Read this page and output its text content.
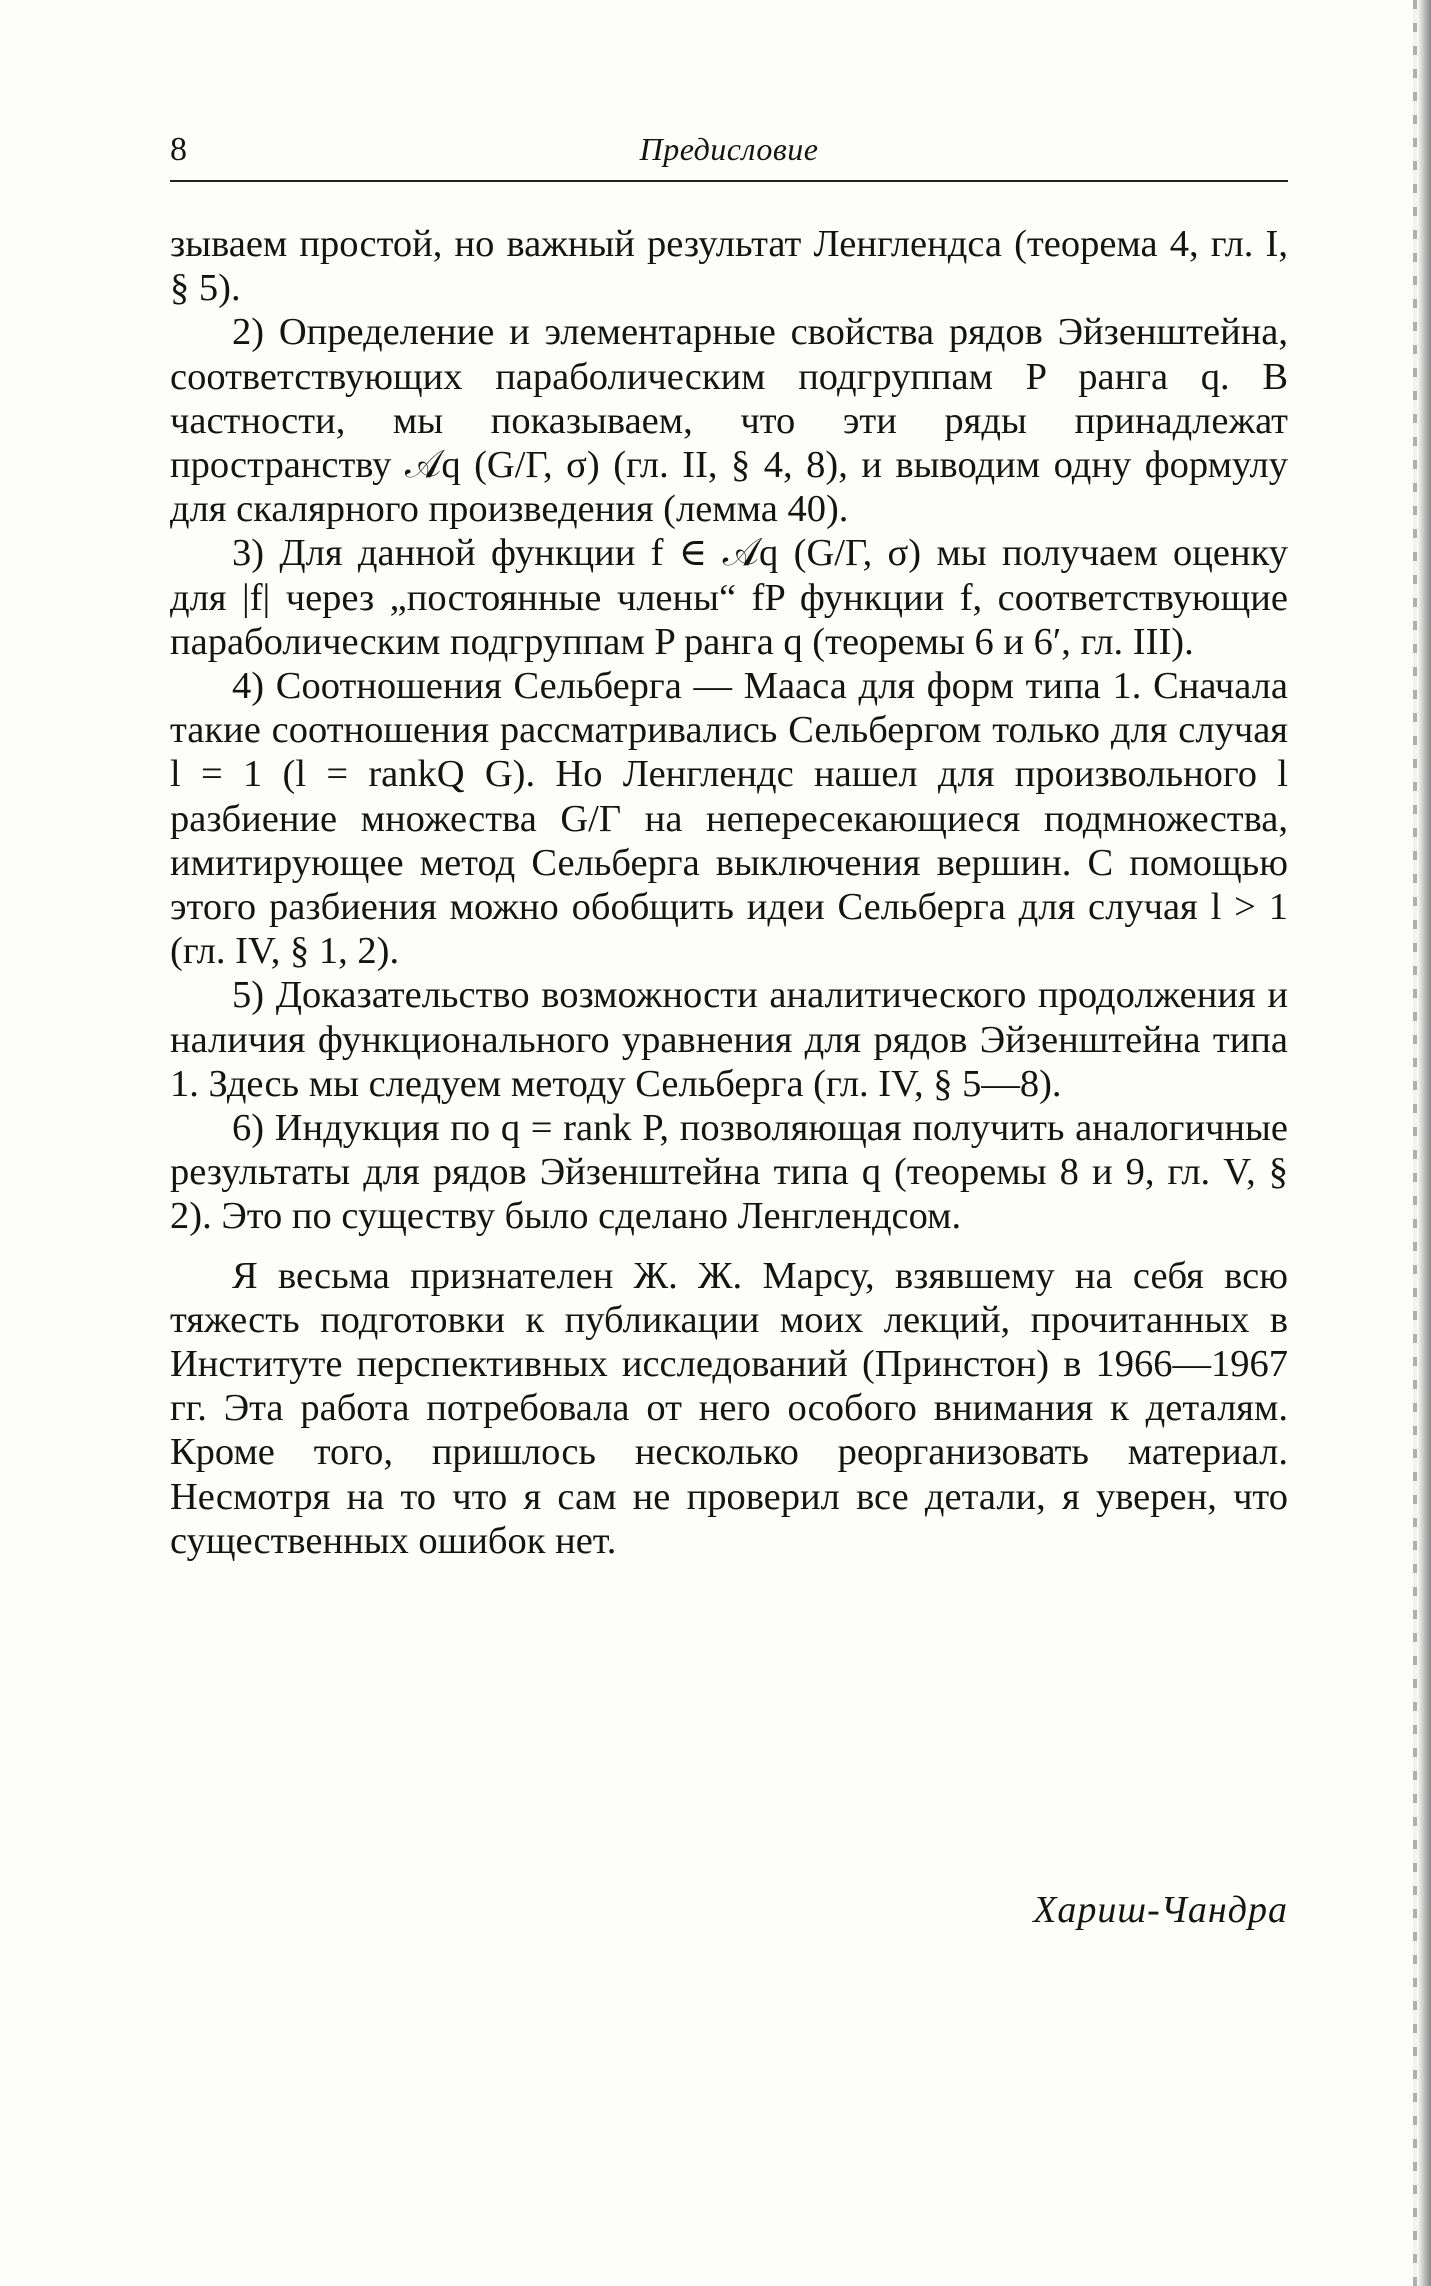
8	Предисловие

зываем простой, но важный результат Ленглендса (теорема 4, гл. I, § 5).

2) Определение и элементарные свойства рядов Эйзенштейна, соответствующих параболическим подгруппам P ранга q. В частности, мы показываем, что эти ряды принадлежат пространству 𝒜q (G/Γ, σ) (гл. II, § 4, 8), и выводим одну формулу для скалярного произведения (лемма 40).

3) Для данной функции f ∈ 𝒜q (G/Γ, σ) мы получаем оценку для |f| через „постоянные члены“ fP функции f, соответствующие параболическим подгруппам P ранга q (теоремы 6 и 6′, гл. III).

4) Соотношения Сельберга — Мааса для форм типа 1. Сначала такие соотношения рассматривались Сельбергом только для случая l = 1 (l = rankQ G). Но Ленглендс нашел для произвольного l разбиение множества G/Γ на непересекающиеся подмножества, имитирующее метод Сельберга выключения вершин. С помощью этого разбиения можно обобщить идеи Сельберга для случая l > 1 (гл. IV, § 1, 2).

5) Доказательство возможности аналитического продолжения и наличия функционального уравнения для рядов Эйзенштейна типа 1. Здесь мы следуем методу Сельберга (гл. IV, § 5—8).

6) Индукция по q = rank P, позволяющая получить аналогичные результаты для рядов Эйзенштейна типа q (теоремы 8 и 9, гл. V, § 2). Это по существу было сделано Ленглендсом.

Я весьма признателен Ж. Ж. Марсу, взявшему на себя всю тяжесть подготовки к публикации моих лекций, прочитанных в Институте перспективных исследований (Принстон) в 1966—1967 гг. Эта работа потребовала от него особого внимания к деталям. Кроме того, пришлось несколько реорганизовать материал. Несмотря на то что я сам не проверил все детали, я уверен, что существенных ошибок нет.

Хариш-Чандра
